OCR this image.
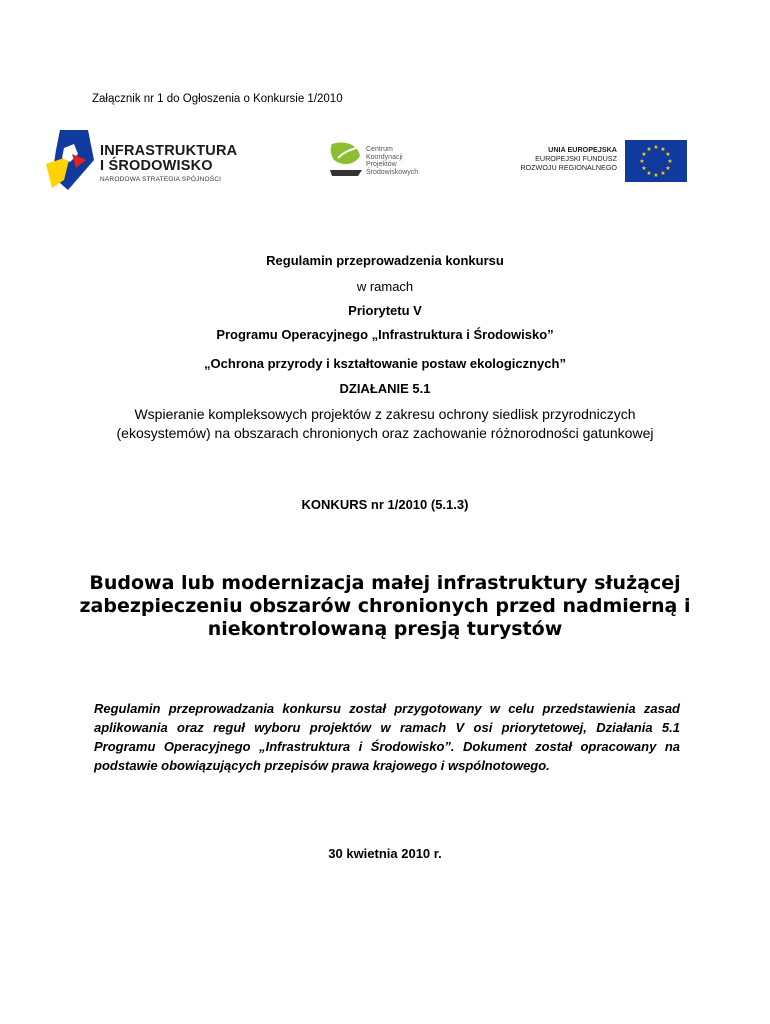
Załącznik nr 1 do Ogłoszenia o Konkursie 1/2010
INFRASTRUKTURA
I ŚRODOWISKO
NARODOWA STRATEGIA SPÓJNOŚCI
Centrum
Koordynacji
Projektów
Środowiskowych
UNIA EUROPEJSKA
EUROPEJSKI FUNDUSZ
ROZWOJU REGIONALNEGO
★ ★
★
★
★
★
★
★
★
★
★
★
Regulamin przeprowadzenia konkursu
w ramach
Priorytetu V
Programu Operacyjnego „Infrastruktura i Środowisko”
„Ochrona przyrody i kształtowanie postaw ekologicznych”
DZIAŁANIE 5.1
Wspieranie kompleksowych projektów z zakresu ochrony siedlisk przyrodniczych (ekosystemów) na obszarach chronionych oraz zachowanie różnorodności gatunkowej
KONKURS nr 1/2010 (5.1.3)
Budowa lub modernizacja małej infrastruktury służącej zabezpieczeniu obszarów chronionych przed nadmierną i niekontrolowaną presją turystów
Regulamin przeprowadzania konkursu został przygotowany w celu przedstawienia zasad aplikowania oraz reguł wyboru projektów w ramach V osi priorytetowej, Działania 5.1 Programu Operacyjnego „Infrastruktura i Środowisko”. Dokument został opracowany na podstawie obowiązujących przepisów prawa krajowego i wspólnotowego.
30 kwietnia 2010 r.
